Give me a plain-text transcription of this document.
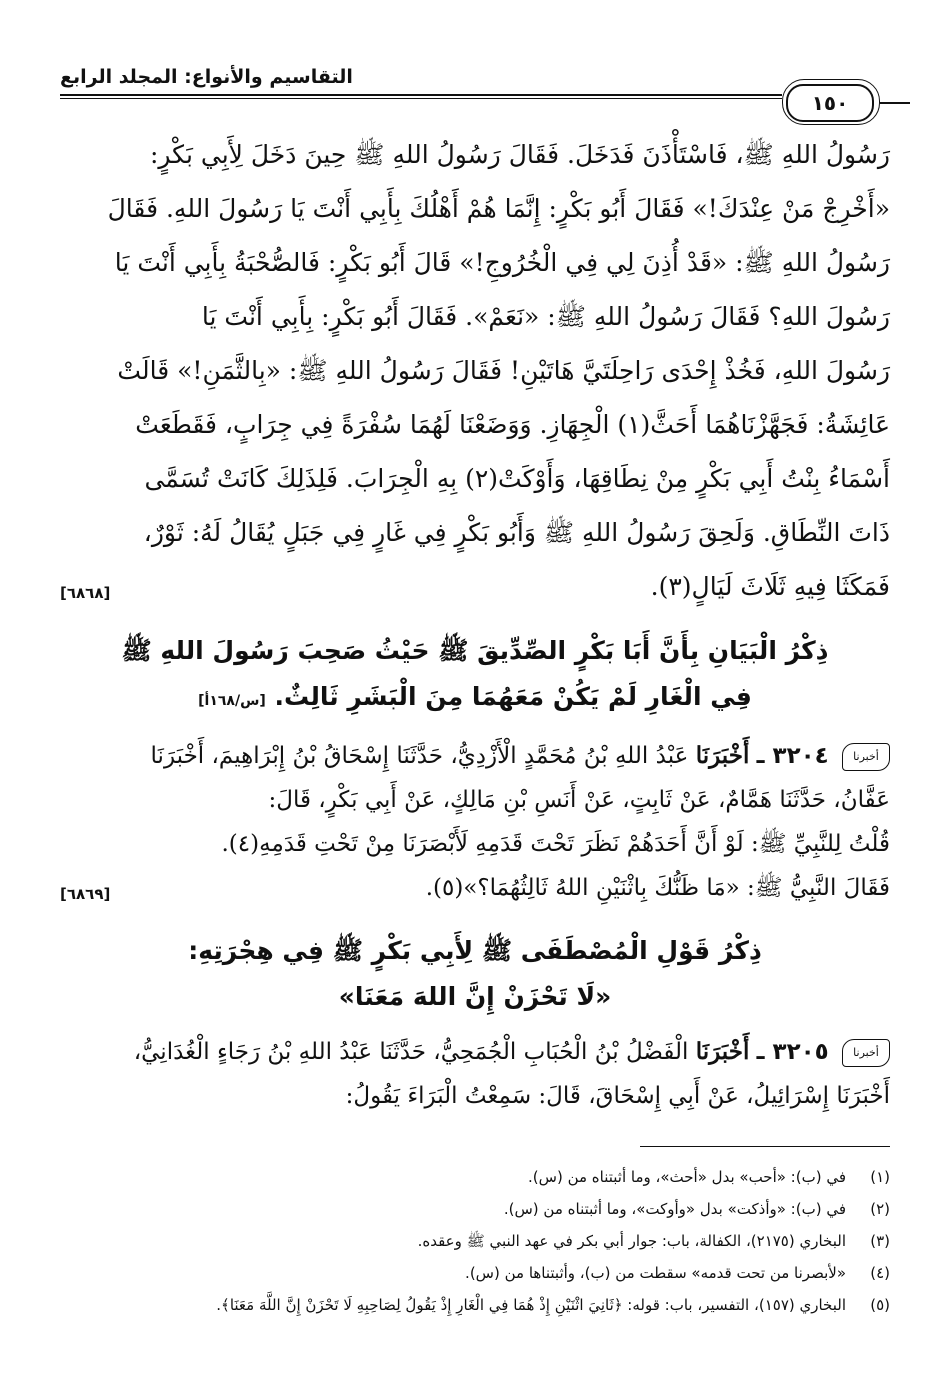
التقاسيم والأنواع: المجلد الرابع
١٥٠

رَسُولُ اللهِ ﷺ، فَاسْتَأْذَنَ فَدَخَلَ. فَقَالَ رَسُولُ اللهِ ﷺ حِينَ دَخَلَ لِأَبِي بَكْرٍ:

«أَخْرِجْ مَنْ عِنْدَكَ!» فَقَالَ أَبُو بَكْرٍ: إِنَّمَا هُمْ أَهْلُكَ بِأَبِي أَنْتَ يَا رَسُولَ اللهِ. فَقَالَ

رَسُولُ اللهِ ﷺ: «قَدْ أُذِنَ لِي فِي الْخُرُوجِ!» قَالَ أَبُو بَكْرٍ: فَالصُّحْبَةُ بِأَبِي أَنْتَ يَا

رَسُولَ اللهِ؟ فَقَالَ رَسُولُ اللهِ ﷺ: «نَعَمْ». فَقَالَ أَبُو بَكْرٍ: بِأَبِي أَنْتَ يَا

رَسُولَ اللهِ، فَخُذْ إِحْدَى رَاحِلَتَيَّ هَاتَيْنِ! فَقَالَ رَسُولُ اللهِ ﷺ: «بِالثَّمَنِ!» قَالَتْ

عَائِشَةُ: فَجَهَّزْنَاهُمَا أَحَثَّ(١) الْجِهَازِ. وَوَضَعْنَا لَهُمَا سُفْرَةً فِي جِرَابٍ، فَقَطَعَتْ

أَسْمَاءُ بِنْتُ أَبِي بَكْرٍ مِنْ نِطَاقِهَا، وَأَوْكَتْ(٢) بِهِ الْجِرَابَ. فَلِذَلِكَ كَانَتْ تُسَمَّى

ذَاتَ النِّطَاقِ. وَلَحِقَ رَسُولُ اللهِ ﷺ وَأَبُو بَكْرٍ فِي غَارٍ فِي جَبَلٍ يُقَالُ لَهُ: ثَوْرٌ،

فَمَكَثَا فِيهِ ثَلَاثَ لَيَالٍ(٣).
[٦٨٦٨]

ذِكْرُ الْبَيَانِ بِأَنَّ أَبَا بَكْرٍ الصِّدِّيقَ ﷺ حَيْثُ صَحِبَ رَسُولَ اللهِ ﷺ
فِي الْغَارِ لَمْ يَكُنْ مَعَهُمَا مِنَ الْبَشَرِ ثَالِثٌ. [س/١٦٨أ]

أخبرنا ٣٢٠٤ ـ أَخْبَرَنَا عَبْدُ اللهِ بْنُ مُحَمَّدٍ الْأَزْدِيُّ، حَدَّثَنَا إِسْحَاقُ بْنُ إِبْرَاهِيمَ، أَخْبَرَنَا

عَفَّانُ، حَدَّثَنَا هَمَّامٌ، عَنْ ثَابِتٍ، عَنْ أَنَسِ بْنِ مَالِكٍ، عَنْ أَبِي بَكْرٍ، قَالَ:

قُلْتُ لِلنَّبِيِّ ﷺ: لَوْ أَنَّ أَحَدَهُمْ نَظَرَ تَحْتَ قَدَمِهِ لَأَبْصَرَنَا مِنْ تَحْتِ قَدَمِهِ(٤).

فَقَالَ النَّبِيُّ ﷺ: «مَا ظَنُّكَ بِاثْنَيْنِ اللهُ ثَالِثُهُمَا؟»(٥).
[٦٨٦٩]

ذِكْرُ قَوْلِ الْمُصْطَفَى ﷺ لِأَبِي بَكْرٍ ﷺ فِي هِجْرَتِهِ:
«لَا تَحْزَنْ إِنَّ اللهَ مَعَنَا»

أخبرنا ٣٢٠٥ ـ أَخْبَرَنَا الْفَضْلُ بْنُ الْحُبَابِ الْجُمَحِيُّ، حَدَّثَنَا عَبْدُ اللهِ بْنُ رَجَاءٍ الْغُدَانِيُّ،

أَخْبَرَنَا إِسْرَائِيلُ، عَنْ أَبِي إِسْحَاقَ، قَالَ: سَمِعْتُ الْبَرَاءَ يَقُولُ:

(١)
في (ب): «أحب» بدل «أحث»، وما أثبتناه من (س).
(٢)
في (ب): «وأذكت» بدل «وأوكت»، وما أثبتناه من (س).
(٣)
البخاري (٢١٧٥)، الكفالة، باب: جوار أبي بكر في عهد النبي ﷺ وعقده.
(٤)
«لأبصرنا من تحت قدمه» سقطت من (ب)، وأثبتناها من (س).
(٥)
البخاري (١٥٧)، التفسير، باب: قوله: ﴿ثَانِيَ اثْنَيْنِ إِذْ هُمَا فِي الْغَارِ إِذْ يَقُولُ لِصَاحِبِهِ لَا تَحْزَنْ إِنَّ اللَّهَ مَعَنَا﴾.
